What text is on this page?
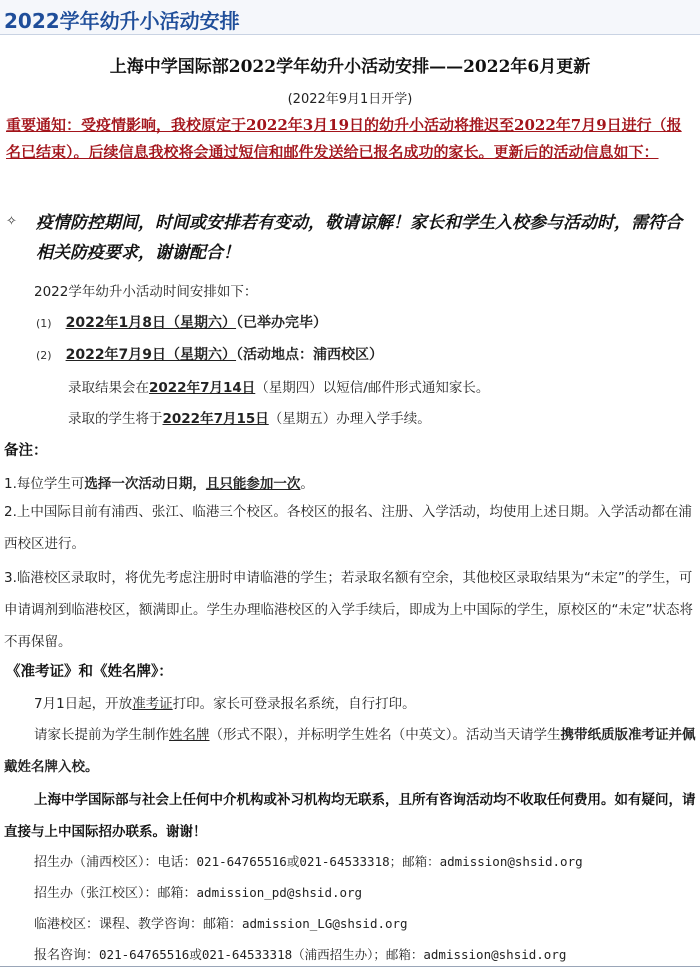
2022学年幼升小活动安排
上海中学国际部2022学年幼升小活动安排——2022年6月更新
(2022年9月1日开学)
重要通知：受疫情影响，我校原定于2022年3月19日的幼升小活动将推迟至2022年7月9日进行（报名已结束）。后续信息我校将会通过短信和邮件发送给已报名成功的家长。更新后的活动信息如下：
✧ 疫情防控期间，时间或安排若有变动，敬请谅解！家长和学生入校参与活动时，需符合相关防疫要求，谢谢配合！
2022学年幼升小活动时间安排如下：
(1) 2022年1月8日（星期六）（已举办完毕）
(2) 2022年7月9日（星期六）（活动地点：浦西校区）
录取结果会在2022年7月14日（星期四）以短信/邮件形式通知家长。
录取的学生将于2022年7月15日（星期五）办理入学手续。
备注：
1.每位学生可选择一次活动日期，且只能参加一次。
2.上中国际目前有浦西、张江、临港三个校区。各校区的报名、注册、入学活动，均使用上述日期。入学活动都在浦西校区进行。
3.临港校区录取时，将优先考虑注册时申请临港的学生；若录取名额有空余，其他校区录取结果为“未定”的学生，可申请调剂到临港校区，额满即止。学生办理临港校区的入学手续后，即成为上中国际的学生，原校区的“未定”状态将不再保留。
《准考证》和《姓名牌》：
7月1日起，开放准考证打印。家长可登录报名系统，自行打印。
请家长提前为学生制作姓名牌（形式不限），并标明学生姓名（中英文）。活动当天请学生携带纸质版准考证并佩戴姓名牌入校。
上海中学国际部与社会上任何中介机构或补习机构均无联系，且所有咨询活动均不收取任何费用。如有疑问，请直接与上中国际招办联系。谢谢！
招生办（浦西校区）：电话：021-64765516或021-64533318；邮箱：admission@shsid.org
招生办（张江校区）：邮箱：admission_pd@shsid.org
临港校区：课程、教学咨询：邮箱：admission_LG@shsid.org
报名咨询：021-64765516或021-64533318（浦西招生办）；邮箱：admission@shsid.org
